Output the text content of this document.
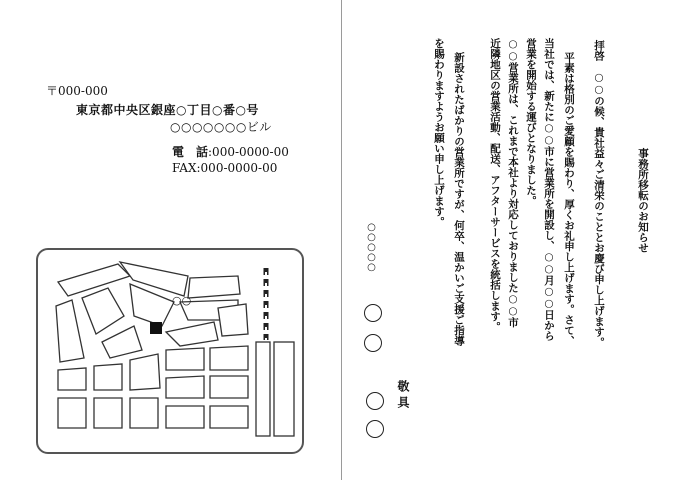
〒000-000
東京都中央区銀座○丁目○番○号
○○○○○○○ビル
電　話:000-0000-00
FAX:000-0000-00
○○
事務所移転のお知らせ
拝啓　○○の候、貴社益々ご清栄のこととお慶び申し上げます。
平素は格別のご愛顧を賜わり、厚くお礼申し上げます。さて、
当社では、新たに○○市に営業所を開設し、○○月○○日から
営業を開始する運びとなりました。
○○営業所は、これまで本社より対応しておりました○○市
近隣地区の営業活動、配送、アフターサービスを統括します。
新設されたばかりの営業所ですが、何卒、温かいご支援ご指導
を賜わりますようお願い申し上げます。
敬具
○○○○○
